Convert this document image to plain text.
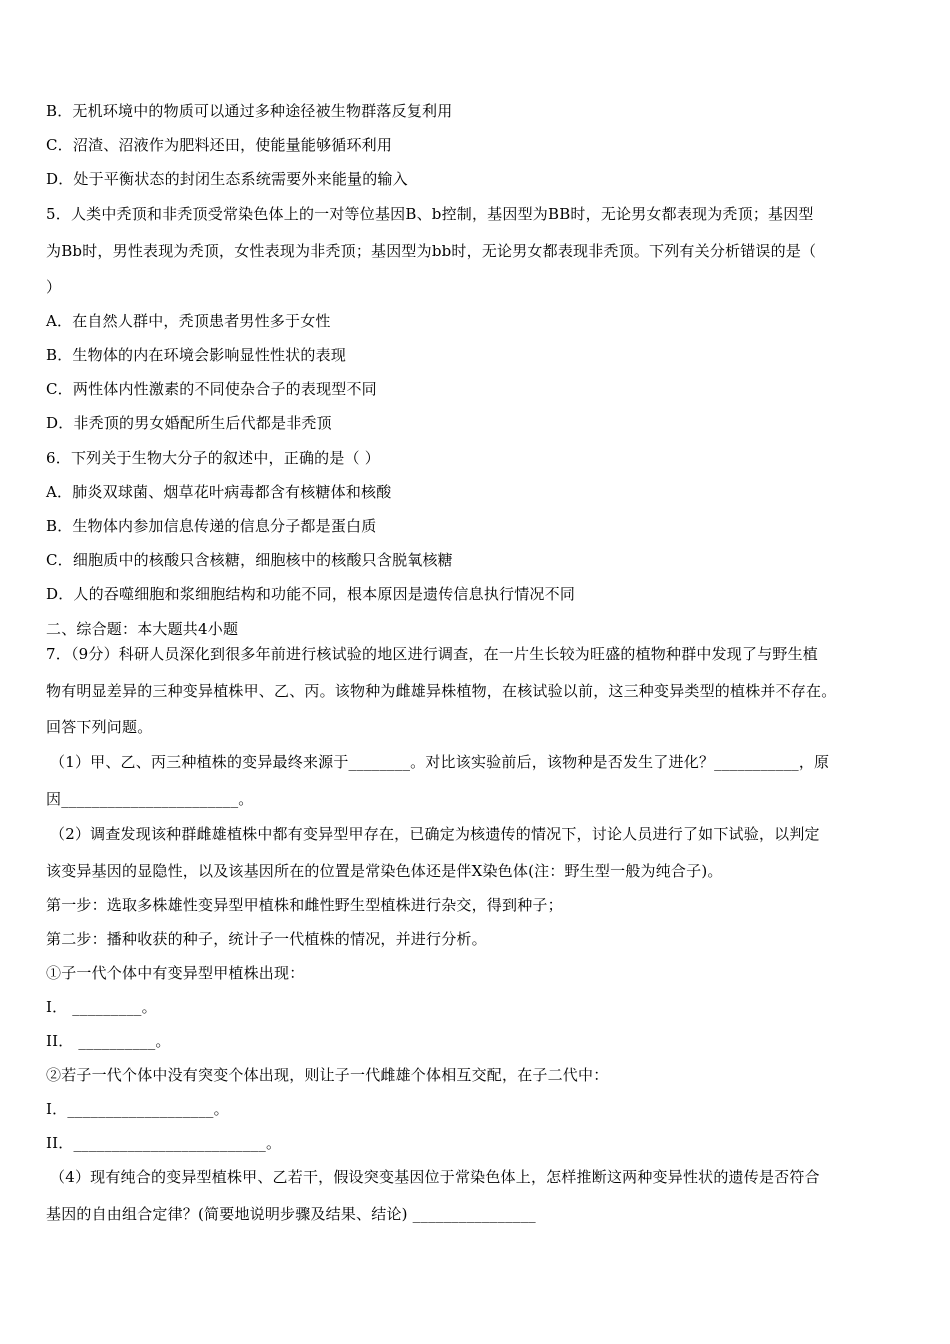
B．无机环境中的物质可以通过多种途径被生物群落反复利用
C．沼渣、沼液作为肥料还田，使能量能够循环利用
D．处于平衡状态的封闭生态系统需要外来能量的输入
5．人类中秃顶和非秃顶受常染色体上的一对等位基因B、b控制，基因型为BB时，无论男女都表现为秃顶；基因型
为Bb时，男性表现为秃顶，女性表现为非秃顶；基因型为bb时，无论男女都表现非秃顶。下列有关分析错误的是（
）
A．在自然人群中，秃顶患者男性多于女性
B．生物体的内在环境会影响显性性状的表现
C．两性体内性激素的不同使杂合子的表现型不同
D．非秃顶的男女婚配所生后代都是非秃顶
6．下列关于生物大分子的叙述中，正确的是（ ）
A．肺炎双球菌、烟草花叶病毒都含有核糖体和核酸
B．生物体内参加信息传递的信息分子都是蛋白质
C．细胞质中的核酸只含核糖，细胞核中的核酸只含脱氧核糖
D．人的吞噬细胞和浆细胞结构和功能不同，根本原因是遗传信息执行情况不同
二、综合题：本大题共4小题
7．（9分）科研人员深化到很多年前进行核试验的地区进行调查，在一片生长较为旺盛的植物种群中发现了与野生植
物有明显差异的三种变异植株甲、乙、丙。该物种为雌雄异株植物，在核试验以前，这三种变异类型的植株并不存在。
回答下列问题。
（1）甲、乙、丙三种植株的变异最终来源于________。对比该实验前后，该物种是否发生了进化？___________，原
因_______________________。
（2）调查发现该种群雌雄植株中都有变异型甲存在，已确定为核遗传的情况下，讨论人员进行了如下试验，以判定
该变异基因的显隐性，以及该基因所在的位置是常染色体还是伴X染色体(注：野生型一般为纯合子)。
第一步：选取多株雄性变异型甲植株和雌性野生型植株进行杂交，得到种子；
第二步：播种收获的种子，统计子一代植株的情况，并进行分析。
①子一代个体中有变异型甲植株出现：
I． _________。
II． __________。
②若子一代个体中没有突变个体出现，则让子一代雌雄个体相互交配，在子二代中：
I．___________________。
II．_________________________。
（4）现有纯合的变异型植株甲、乙若干，假设突变基因位于常染色体上，怎样推断这两种变异性状的遗传是否符合
基因的自由组合定律？(简要地说明步骤及结果、结论) ________________
